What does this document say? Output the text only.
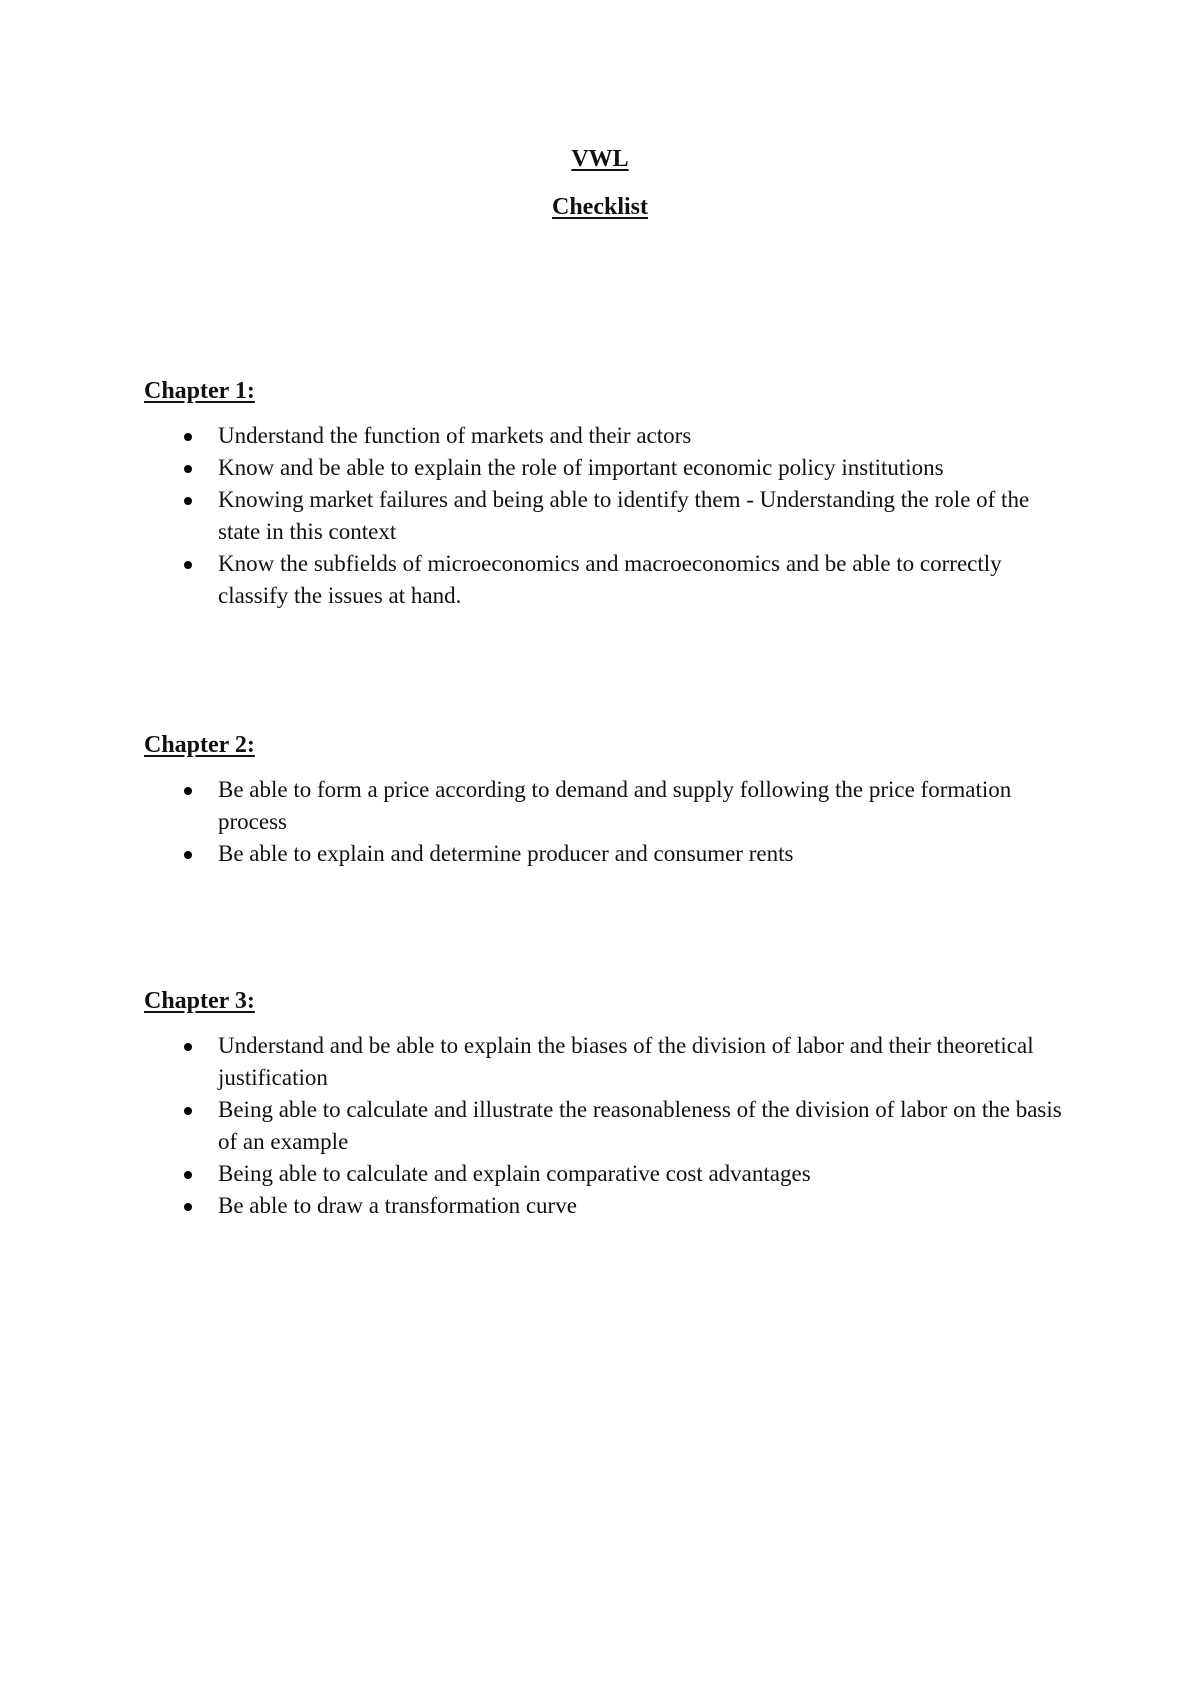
VWL
Checklist
Chapter 1:
Understand the function of markets and their actors
Know and be able to explain the role of important economic policy institutions
Knowing market failures and being able to identify them - Understanding the role of the state in this context
Know the subfields of microeconomics and macroeconomics and be able to correctly classify the issues at hand.
Chapter 2:
Be able to form a price according to demand and supply following the price formation process
Be able to explain and determine producer and consumer rents
Chapter 3:
Understand and be able to explain the biases of the division of labor and their theoretical justification
Being able to calculate and illustrate the reasonableness of the division of labor on the basis of an example
Being able to calculate and explain comparative cost advantages
Be able to draw a transformation curve
